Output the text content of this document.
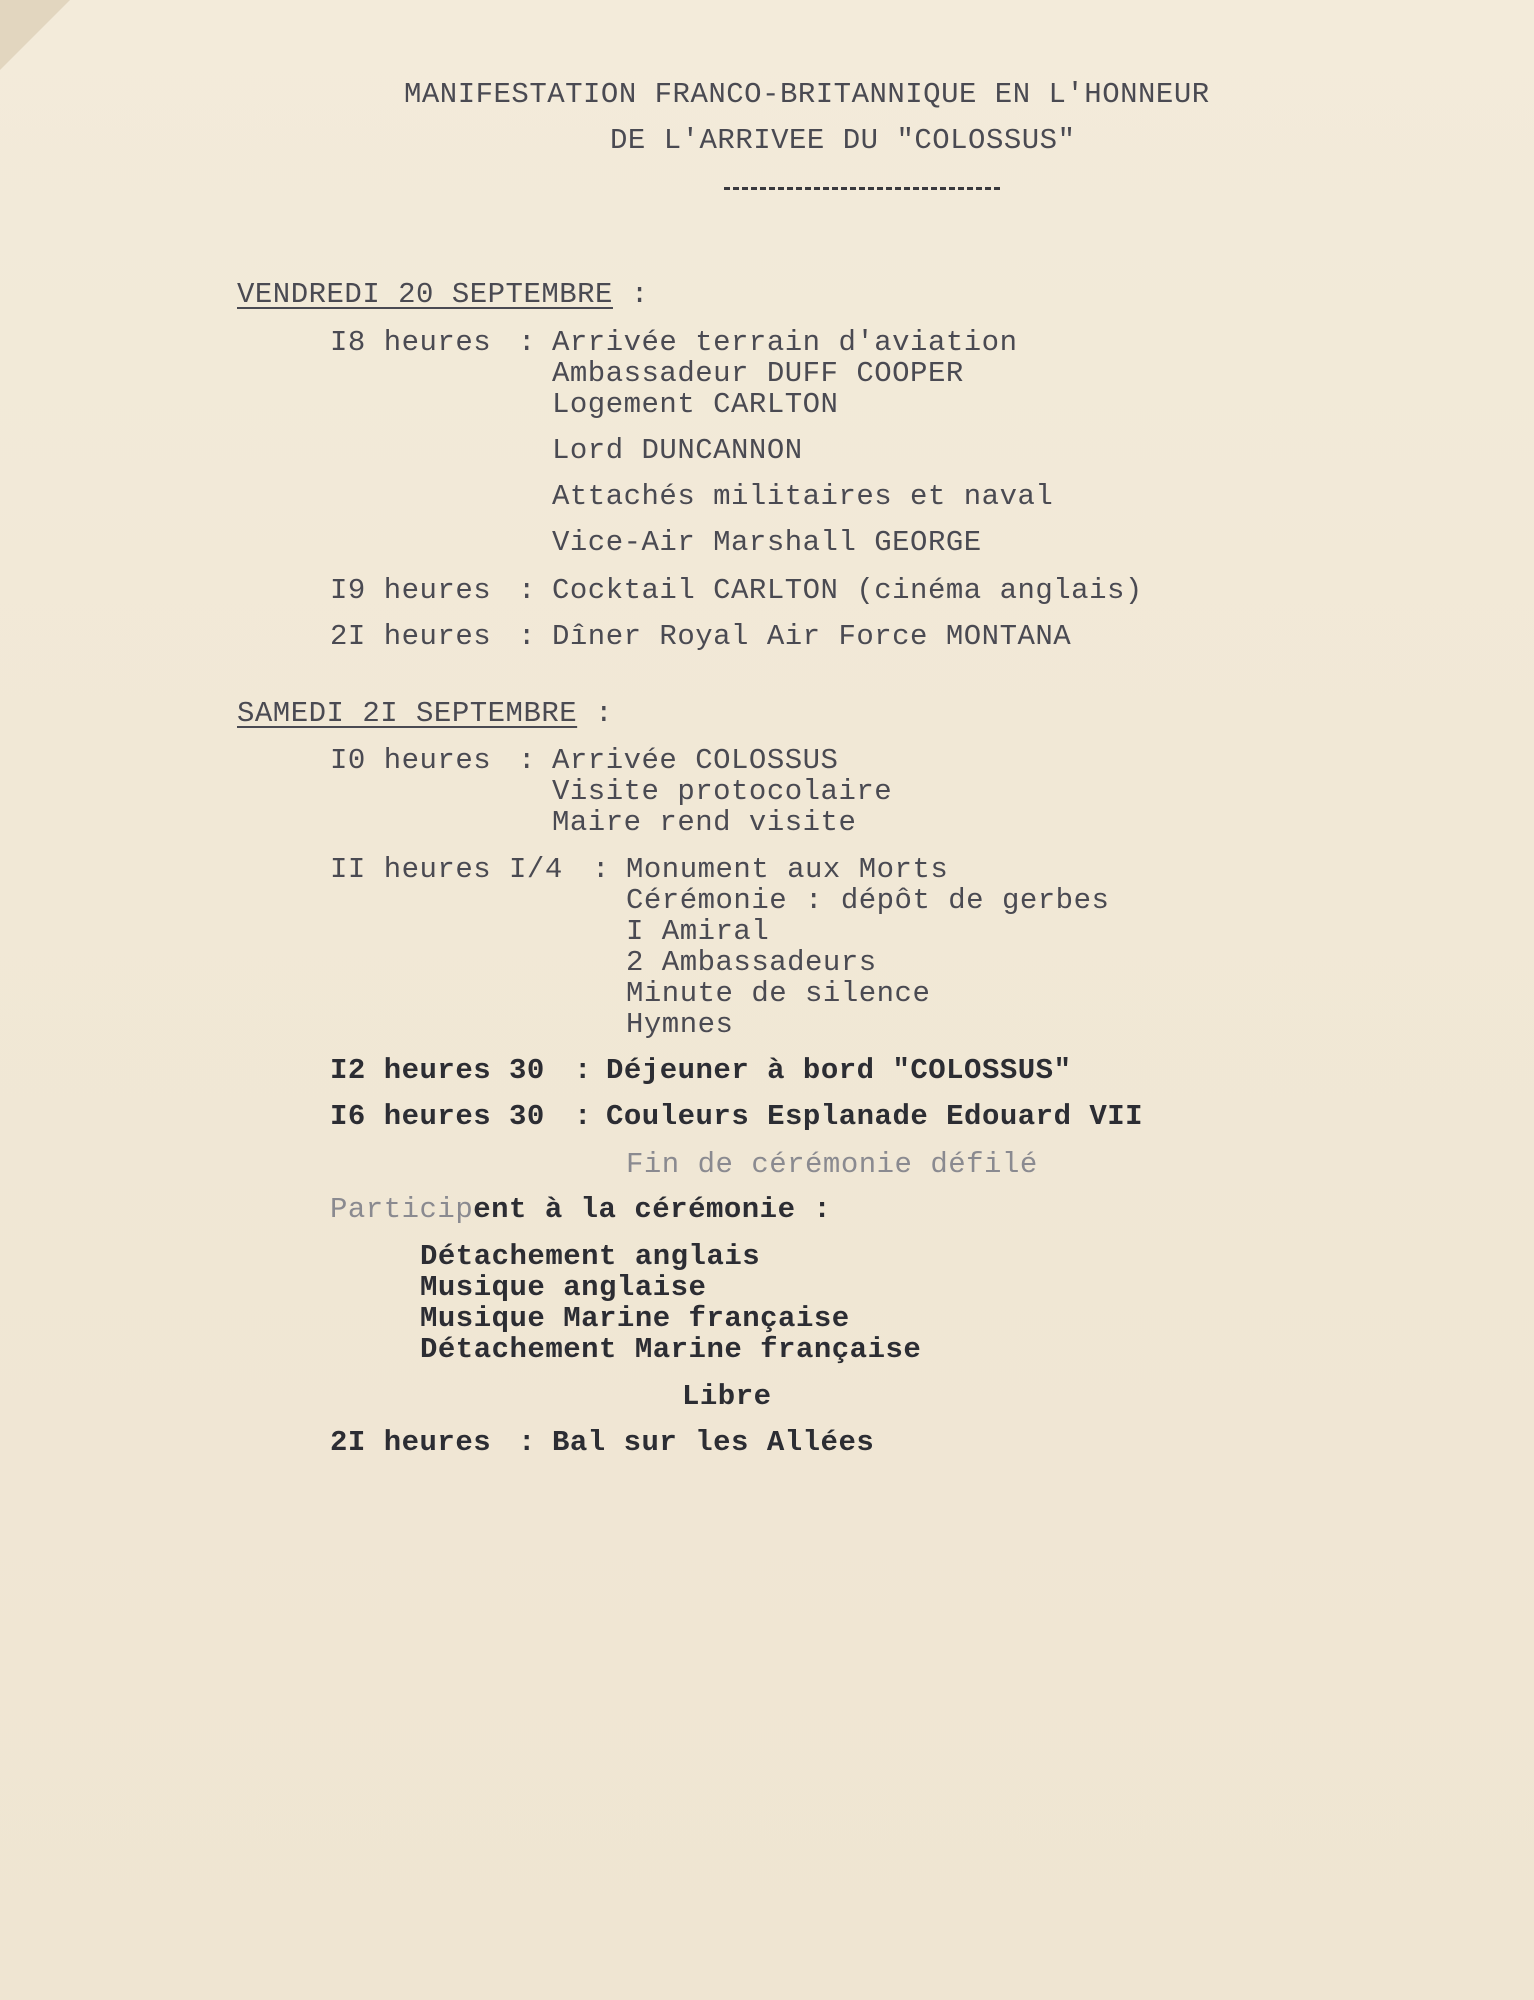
MANIFESTATION FRANCO-BRITANNIQUE EN L'HONNEUR
DE L'ARRIVEE DU "COLOSSUS"
VENDREDI 20 SEPTEMBRE :
I8 heures : Arrivée terrain d'aviation
Ambassadeur DUFF COOPER
Logement CARLTON
Lord DUNCANNON
Attachés militaires et naval
Vice-Air Marshall GEORGE
I9 heures : Cocktail CARLTON (cinéma anglais)
2I heures : Dîner Royal Air Force MONTANA
SAMEDI 2I SEPTEMBRE :
I0 heures : Arrivée COLOSSUS
Visite protocolaire
Maire rend visite
II heures I/4 : Monument aux Morts
Cérémonie : dépôt de gerbes
I Amiral
2 Ambassadeurs
Minute de silence
Hymnes
I2 heures 30 : Déjeuner à bord "COLOSSUS"
I6 heures 30 : Couleurs Esplanade Edouard VII
Fin de cérémonie défilé
Participent à la cérémonie :
Détachement anglais
Musique anglaise
Musique Marine française
Détachement Marine française
Libre
2I heures : Bal sur les Allées
